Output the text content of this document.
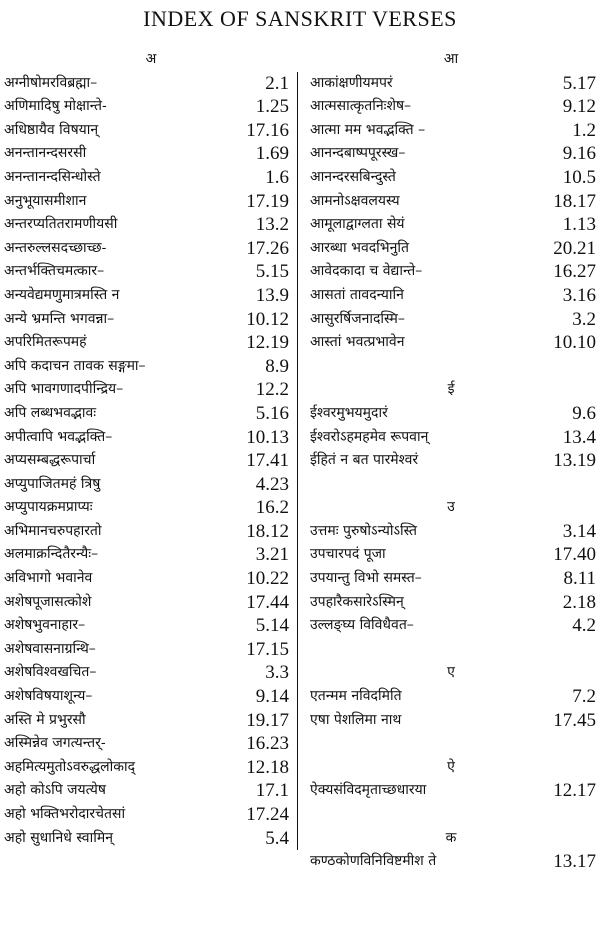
INDEX OF SANSKRIT VERSES
अ
अग्नीषोमरविब्रह्मा–	2.1
अणिमादिषु मोक्षान्ते-	1.25
अधिष्ठायैव विषयान्	17.16
अनन्तानन्दसरसी	1.69
अनन्तानन्दसिन्धोस्ते	1.6
अनुभूयासमीशान	17.19
अन्तरप्यतितरामणीयसी	13.2
अन्तरुल्लसदच्छाच्छ-	17.26
अन्तर्भक्तिचमत्कार–	5.15
अन्यवेद्यमणुमात्रमस्ति न	13.9
अन्ये भ्रमन्ति भगवन्ना–	10.12
अपरिमितरूपमहं	12.19
अपि कदाचन तावक सङ्गमा–	8.9
अपि भावगणादपीन्द्रिय–	12.2
अपि लब्धभवद्भावः	5.16
अपीत्वापि भवद्भक्ति–	10.13
अप्यसम्बद्धरूपार्चा	17.41
अप्युपाजितमहं त्रिषु	4.23
अप्युपायक्रमप्राप्यः	16.2
अभिमानचरुपहारतो	18.12
अलमाक्रन्दितैरन्यैः–	3.21
अविभागो भवानेव	10.22
अशेषपूजासत्कोशे	17.44
अशेषभुवनाहार–	5.14
अशेषवासनाग्रन्थि–	17.15
अशेषविश्वखचित–	3.3
अशेषविषयाशून्य–	9.14
अस्ति मे प्रभुरसौ	19.17
अस्मिन्नेव जगत्यन्तर्-	16.23
अहमित्यमुतोऽवरुद्धलोकाद्	12.18
अहो कोऽपि जयत्येष	17.1
अहो भक्तिभरोदारचेतसां	17.24
अहो सुधानिधे स्वामिन्	5.4
आ
आकांक्षणीयमपरं	5.17
आत्मसात्कृतनिःशेष–	9.12
आत्मा मम भवद्भक्ति –	1.2
आनन्दबाष्पपूरस्ख–	9.16
आनन्दरसबिन्दुस्ते	10.5
आमनोऽक्षवलयस्य	18.17
आमूलाद्वाग्लता सेयं	1.13
आरब्धा भवदभिनुति	20.21
आवेदकादा च वेद्यान्ते–	16.27
आसतां तावदन्यानि	3.16
आसुरर्षिजनादस्मि–	3.2
आस्तां भवत्प्रभावेन	10.10
ई
ईश्वरमुभयमुदारं	9.6
ईश्वरोऽहमहमेव रूपवान्	13.4
ईहितं न बत पारमेश्वरं	13.19
उ
उत्तमः पुरुषोऽन्योऽस्ति	3.14
उपचारपदं पूजा	17.40
उपयान्तु विभो समस्त–	8.11
उपहारैकसारेऽस्मिन्	2.18
उल्लङ्घ्य विविधैवत–	4.2
ए
एतन्मम नविदमिति	7.2
एषा पेशलिमा नाथ	17.45
ऐ
ऐक्यसंविदमृताच्छधारया	12.17
क
कण्ठकोणविनिविष्टमीश ते	13.17
